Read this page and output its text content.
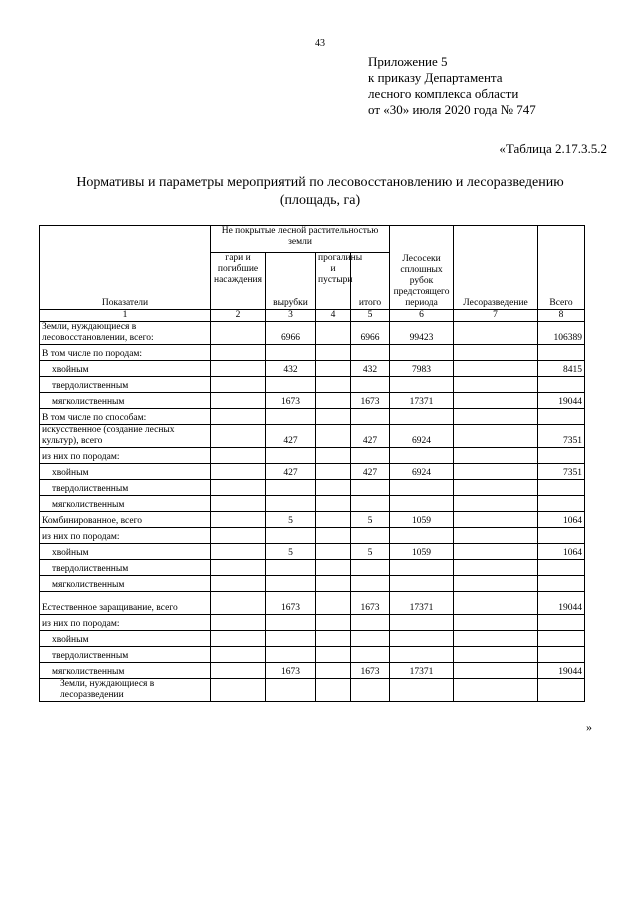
43
Приложение 5
к приказу Департамента
лесного комплекса области
от «30» июля 2020 года № 747
«Таблица 2.17.3.5.2
Нормативы и параметры мероприятий по лесовосстановлению и лесоразведению
(площадь, га)
Показатели	Не покрытые лесной растительностью земли				Лесосеки сплошных рубок предстоящего периода	Лесоразведение	Всего
	гари и погибшие насаждения	вырубки	прогалины и пустыри	итого			
1	2	3	4	5	6	7	8
Земли, нуждающиеся в лесовосстановлении, всего:		6966		6966	99423		106389
В том числе по породам:							
хвойным		432		432	7983		8415
твердолиственным							
мягколиственным		1673		1673	17371		19044
В том числе по способам:							
искусственное (создание лесных культур), всего		427		427	6924		7351
из них по породам:							
хвойным		427		427	6924		7351
твердолиственным							
мягколиственным							
Комбинированное, всего		5		5	1059		1064
из них по породам:							
хвойным		5		5	1059		1064
твердолиственным							
мягколиственным							
Естественное заращивание, всего		1673		1673	17371		19044
из них по породам:							
хвойным							
твердолиственным							
мягколиственным		1673		1673	17371		19044
Земли, нуждающиеся в лесоразведении							
»
